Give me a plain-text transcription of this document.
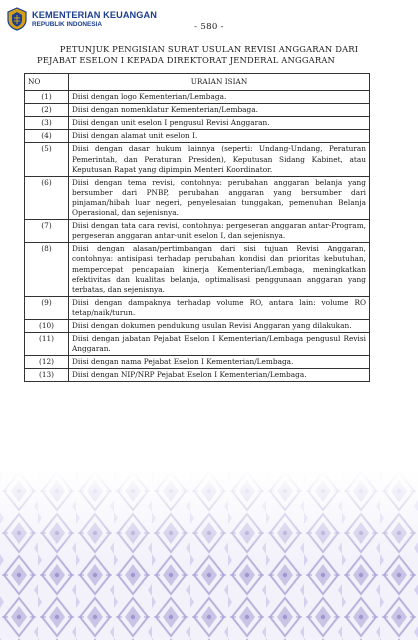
KEMENTERIAN KEUANGAN
REPUBLIK INDONESIA	- 580 -
PETUNJUK PENGISIAN SURAT USULAN REVISI ANGGARAN DARI
PEJABAT ESELON I KEPADA DIREKTORAT JENDERAL ANGGARAN
NO	URAIAN ISIAN
(1)	Diisi dengan logo Kementerian/Lembaga.
(2)	Diisi dengan nomenklatur Kementerian/Lembaga.
(3)	Diisi dengan unit eselon I pengusul Revisi Anggaran.
(4)	Diisi dengan alamat unit eselon I.
(5)	Diisi dengan dasar hukum lainnya (seperti: Undang-Undang, Peraturan Pemerintah, dan Peraturan Presiden), Keputusan Sidang Kabinet, atau Keputusan Rapat yang dipimpin Menteri Koordinator.
(6)	Diisi dengan tema revisi, contohnya: perubahan anggaran belanja yang bersumber dari PNBP, perubahan anggaran yang bersumber dari pinjaman/hibah luar negeri, penyelesaian tunggakan, pemenuhan Belanja Operasional, dan sejenisnya.
(7)	Diisi dengan tata cara revisi, contohnya: pergeseran anggaran antar-Program, pergeseran anggaran antar-unit eselon I, dan sejenisnya.
(8)	Diisi dengan alasan/pertimbangan dari sisi tujuan Revisi Anggaran, contohnya: antisipasi terhadap perubahan kondisi dan prioritas kebutuhan, mempercepat pencapaian kinerja Kementerian/Lembaga, meningkatkan efektivitas dan kualitas belanja, optimalisasi penggunaan anggaran yang terbatas, dan sejenisnya.
(9)	Diisi dengan dampaknya terhadap volume RO, antara lain: volume RO tetap/naik/turun.
(10)	Diisi dengan dokumen pendukung usulan Revisi Anggaran yang dilakukan.
(11)	Diisi dengan jabatan Pejabat Eselon I Kementerian/Lembaga pengusul Revisi Anggaran.
(12)	Diisi dengan nama Pejabat Eselon I Kementerian/Lembaga.
(13)	Diisi dengan NIP/NRP Pejabat Eselon I Kementerian/Lembaga.
